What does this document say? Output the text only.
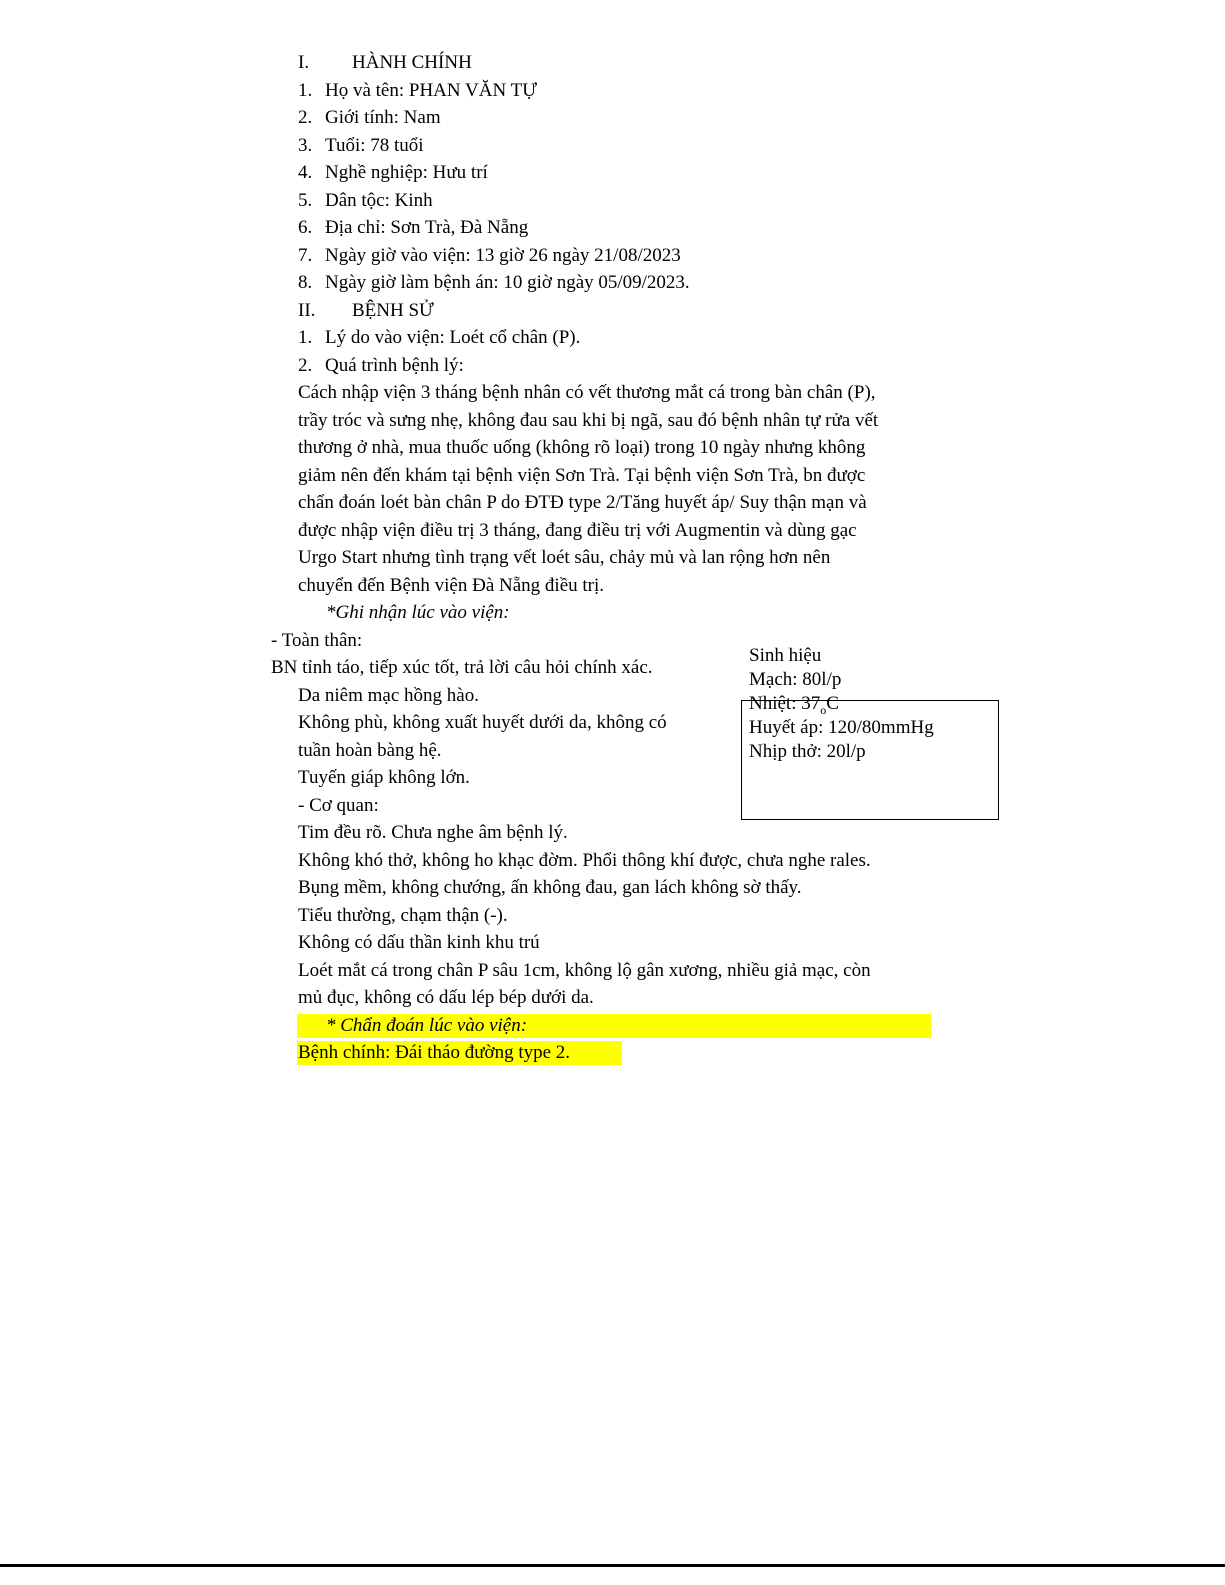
I. HÀNH CHÍNH
1. Họ và tên: PHAN VĂN TỰ
2. Giới tính: Nam
3. Tuổi: 78 tuổi
4. Nghề nghiệp: Hưu trí
5. Dân tộc: Kinh
6. Địa chỉ: Sơn Trà, Đà Nẵng
7. Ngày giờ vào viện: 13 giờ 26 ngày 21/08/2023
8. Ngày giờ làm bệnh án: 10 giờ ngày 05/09/2023.
II. BỆNH SỬ
1. Lý do vào viện: Loét cổ chân (P).
2. Quá trình bệnh lý:
Cách nhập viện 3 tháng bệnh nhân có vết thương mắt cá trong bàn chân (P),
trầy tróc và sưng nhẹ, không đau sau khi bị ngã, sau đó bệnh nhân tự rửa vết
thương ở nhà, mua thuốc uống (không rõ loại) trong 10 ngày nhưng không
giảm nên đến khám tại bệnh viện Sơn Trà. Tại bệnh viện Sơn Trà, bn được
chẩn đoán loét bàn chân P do ĐTĐ type 2/Tăng huyết áp/ Suy thận mạn và
được nhập viện điều trị 3 tháng, đang điều trị với Augmentin và dùng gạc
Urgo Start nhưng tình trạng vết loét sâu, chảy mủ và lan rộng hơn nên
chuyển đến Bệnh viện Đà Nẵng điều trị.
*Ghi nhận lúc vào viện:
- Toàn thân:
BN tỉnh táo, tiếp xúc tốt, trả lời câu hỏi chính xác.
Da niêm mạc hồng hào.
Không phù, không xuất huyết dưới da, không có
tuần hoàn bàng hệ.
Tuyến giáp không lớn.
- Cơ quan:
Tim đều rõ. Chưa nghe âm bệnh lý.
Không khó thở, không ho khạc đờm. Phổi thông khí được, chưa nghe rales.
Bụng mềm, không chướng, ấn không đau, gan lách không sờ thấy.
Tiểu thường, chạm thận (-).
Không có dấu thần kinh khu trú
Loét mắt cá trong chân P sâu 1cm, không lộ gân xương, nhiều giả mạc, còn
mủ đục, không có dấu lép bép dưới da.
* Chẩn đoán lúc vào viện:
Bệnh chính: Đái tháo đường type 2.
Sinh hiệu
Mạch: 80l/p
Nhiệt: $37_oC$
Huyết áp: 120/80mmHg
Nhịp thở: 20l/p
